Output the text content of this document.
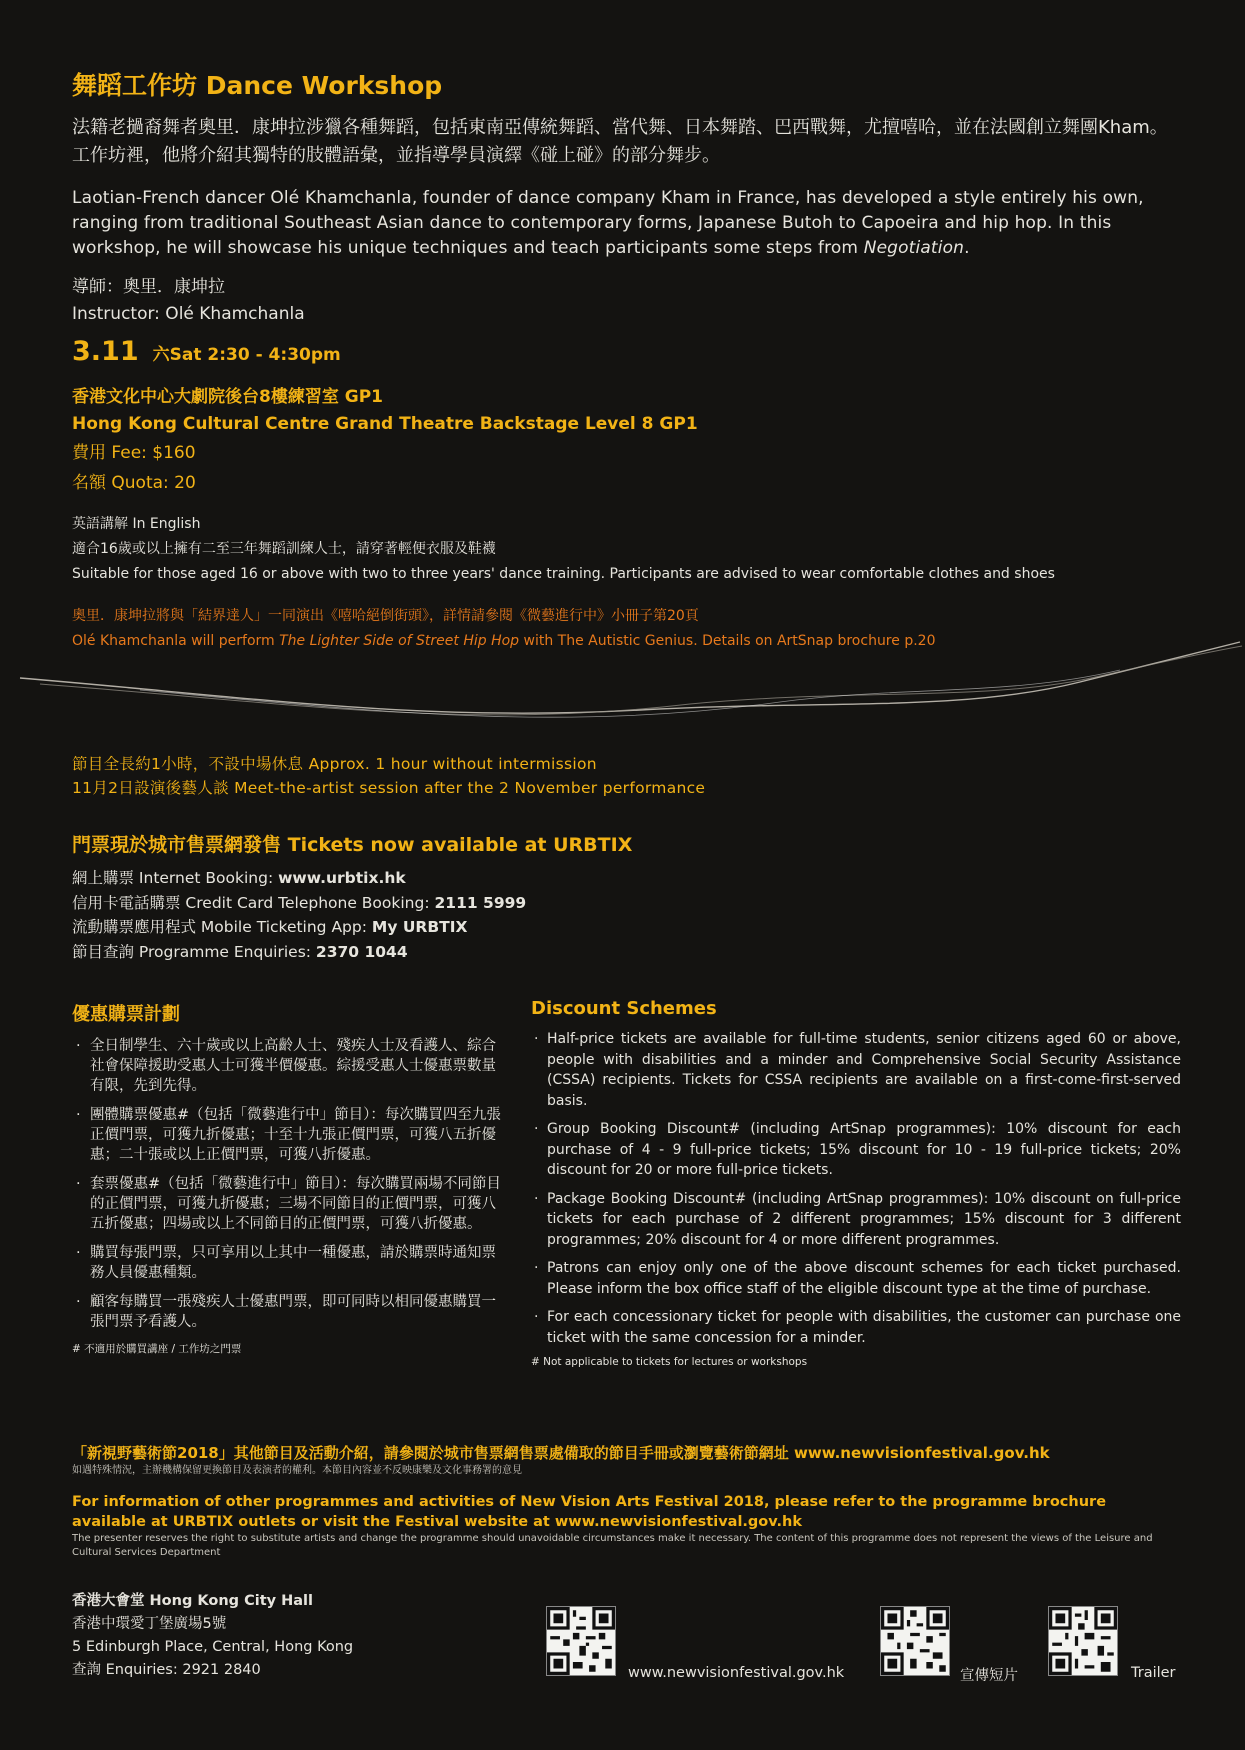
舞蹈工作坊 Dance Workshop
法籍老撾裔舞者奧里．康坤拉涉獵各種舞蹈，包括東南亞傳統舞蹈、當代舞、日本舞踏、巴西戰舞，尤擅嘻哈，並在法國創立舞團Kham。工作坊裡，他將介紹其獨特的肢體語彙，並指導學員演繹《碰上碰》的部分舞步。
Laotian-French dancer Olé Khamchanla, founder of dance company Kham in France, has developed a style entirely his own, ranging from traditional Southeast Asian dance to contemporary forms, Japanese Butoh to Capoeira and hip hop. In this workshop, he will showcase his unique techniques and teach participants some steps from Negotiation.
導師：奧里．康坤拉
Instructor: Olé Khamchanla
3.11 六Sat 2:30 - 4:30pm
香港文化中心大劇院後台8樓練習室 GP1
Hong Kong Cultural Centre Grand Theatre Backstage Level 8 GP1
費用 Fee: $160
名額 Quota: 20
英語講解 In English
適合16歲或以上擁有二至三年舞蹈訓練人士，請穿著輕便衣服及鞋襪
Suitable for those aged 16 or above with two to three years' dance training. Participants are advised to wear comfortable clothes and shoes
奧里．康坤拉將與「結界達人」一同演出《嘻哈絕倒街頭》，詳情請參閱《微藝進行中》小冊子第20頁
Olé Khamchanla will perform The Lighter Side of Street Hip Hop with The Autistic Genius. Details on ArtSnap brochure p.20
節目全長約1小時，不設中場休息 Approx. 1 hour without intermission
11月2日設演後藝人談 Meet-the-artist session after the 2 November performance
門票現於城市售票網發售 Tickets now available at URBTIX
網上購票 Internet Booking: www.urbtix.hk
信用卡電話購票 Credit Card Telephone Booking: 2111 5999
流動購票應用程式 Mobile Ticketing App: My URBTIX
節目查詢 Programme Enquiries: 2370 1044
優惠購票計劃
· 全日制學生、六十歲或以上高齡人士、殘疾人士及看護人、綜合社會保障援助受惠人士可獲半價優惠。綜援受惠人士優惠票數量有限，先到先得。
· 團體購票優惠#（包括「微藝進行中」節目）：每次購買四至九張正價門票，可獲九折優惠；十至十九張正價門票，可獲八五折優惠；二十張或以上正價門票，可獲八折優惠。
· 套票優惠#（包括「微藝進行中」節目）：每次購買兩場不同節目的正價門票，可獲九折優惠；三場不同節目的正價門票，可獲八五折優惠；四場或以上不同節目的正價門票，可獲八折優惠。
· 購買每張門票，只可享用以上其中一種優惠，請於購票時通知票務人員優惠種類。
· 顧客每購買一張殘疾人士優惠門票，即可同時以相同優惠購買一張門票予看護人。
# 不適用於購買講座 / 工作坊之門票
Discount Schemes
· Half-price tickets are available for full-time students, senior citizens aged 60 or above, people with disabilities and a minder and Comprehensive Social Security Assistance (CSSA) recipients. Tickets for CSSA recipients are available on a first-come-first-served basis.
· Group Booking Discount# (including ArtSnap programmes): 10% discount for each purchase of 4 - 9 full-price tickets; 15% discount for 10 - 19 full-price tickets; 20% discount for 20 or more full-price tickets.
· Package Booking Discount# (including ArtSnap programmes): 10% discount on full-price tickets for each purchase of 2 different programmes; 15% discount for 3 different programmes; 20% discount for 4 or more different programmes.
· Patrons can enjoy only one of the above discount schemes for each ticket purchased. Please inform the box office staff of the eligible discount type at the time of purchase.
· For each concessionary ticket for people with disabilities, the customer can purchase one ticket with the same concession for a minder.
# Not applicable to tickets for lectures or workshops
「新視野藝術節2018」其他節目及活動介紹，請參閱於城市售票網售票處備取的節目手冊或瀏覽藝術節網址 www.newvisionfestival.gov.hk
如遇特殊情況，主辦機構保留更換節目及表演者的權利。本節目內容並不反映康樂及文化事務署的意見
For information of other programmes and activities of New Vision Arts Festival 2018, please refer to the programme brochure available at URBTIX outlets or visit the Festival website at www.newvisionfestival.gov.hk
The presenter reserves the right to substitute artists and change the programme should unavoidable circumstances make it necessary. The content of this programme does not represent the views of the Leisure and Cultural Services Department
香港大會堂 Hong Kong City Hall
香港中環愛丁堡廣場5號
5 Edinburgh Place, Central, Hong Kong
查詢 Enquiries: 2921 2840	www.newvisionfestival.gov.hk	宣傳短片	Trailer
